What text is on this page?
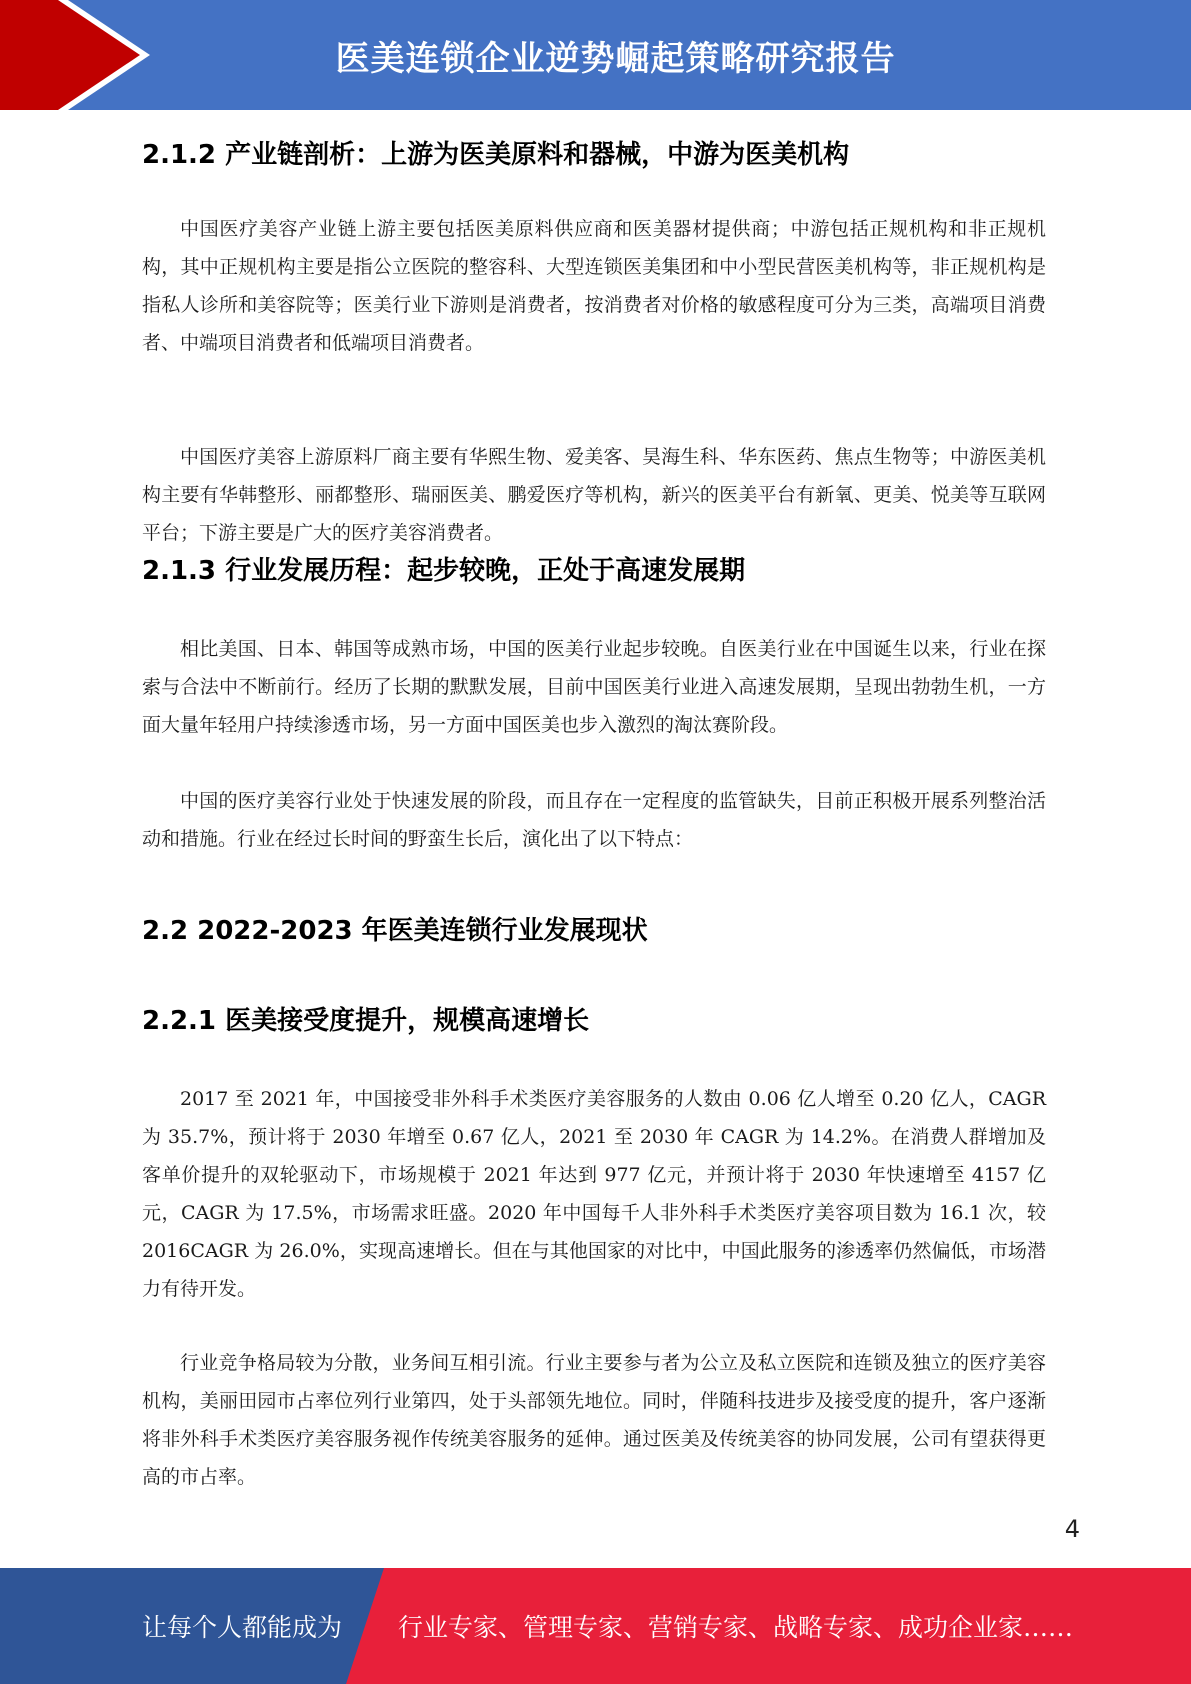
医美连锁企业逆势崛起策略研究报告
2.1.2 产业链剖析：上游为医美原料和器械，中游为医美机构

中国医疗美容产业链上游主要包括医美原料供应商和医美器材提供商；中游包括正规机构和非正规机构，其中正规机构主要是指公立医院的整容科、大型连锁医美集团和中小型民营医美机构等，非正规机构是指私人诊所和美容院等；医美行业下游则是消费者，按消费者对价格的敏感程度可分为三类，高端项目消费者、中端项目消费者和低端项目消费者。

中国医疗美容上游原料厂商主要有华熙生物、爱美客、昊海生科、华东医药、焦点生物等；中游医美机构主要有华韩整形、丽都整形、瑞丽医美、鹏爱医疗等机构，新兴的医美平台有新氧、更美、悦美等互联网平台；下游主要是广大的医疗美容消费者。

2.1.3 行业发展历程：起步较晚，正处于高速发展期

相比美国、日本、韩国等成熟市场，中国的医美行业起步较晚。自医美行业在中国诞生以来，行业在探索与合法中不断前行。经历了长期的默默发展，目前中国医美行业进入高速发展期，呈现出勃勃生机，一方面大量年轻用户持续渗透市场，另一方面中国医美也步入激烈的淘汰赛阶段。

中国的医疗美容行业处于快速发展的阶段，而且存在一定程度的监管缺失，目前正积极开展系列整治活动和措施。行业在经过长时间的野蛮生长后，演化出了以下特点：

2.2 2022-2023 年医美连锁行业发展现状
2.2.1 医美接受度提升，规模高速增长

2017 至 2021 年，中国接受非外科手术类医疗美容服务的人数由 0.06 亿人增至 0.20 亿人，CAGR 为 35.7%，预计将于 2030 年增至 0.67 亿人，2021 至 2030 年 CAGR 为 14.2%。在消费人群增加及客单价提升的双轮驱动下，市场规模于 2021 年达到 977 亿元，并预计将于 2030 年快速增至 4157 亿元，CAGR 为 17.5%，市场需求旺盛。2020 年中国每千人非外科手术类医疗美容项目数为 16.1 次，较 2016CAGR 为 26.0%，实现高速增长。但在与其他国家的对比中，中国此服务的渗透率仍然偏低，市场潜力有待开发。

行业竞争格局较为分散，业务间互相引流。行业主要参与者为公立及私立医院和连锁及独立的医疗美容机构，美丽田园市占率位列行业第四，处于头部领先地位。同时，伴随科技进步及接受度的提升，客户逐渐将非外科手术类医疗美容服务视作传统美容服务的延伸。通过医美及传统美容的协同发展，公司有望获得更高的市占率。

4
让每个人都能成为 行业专家、管理专家、营销专家、战略专家、成功企业家……
